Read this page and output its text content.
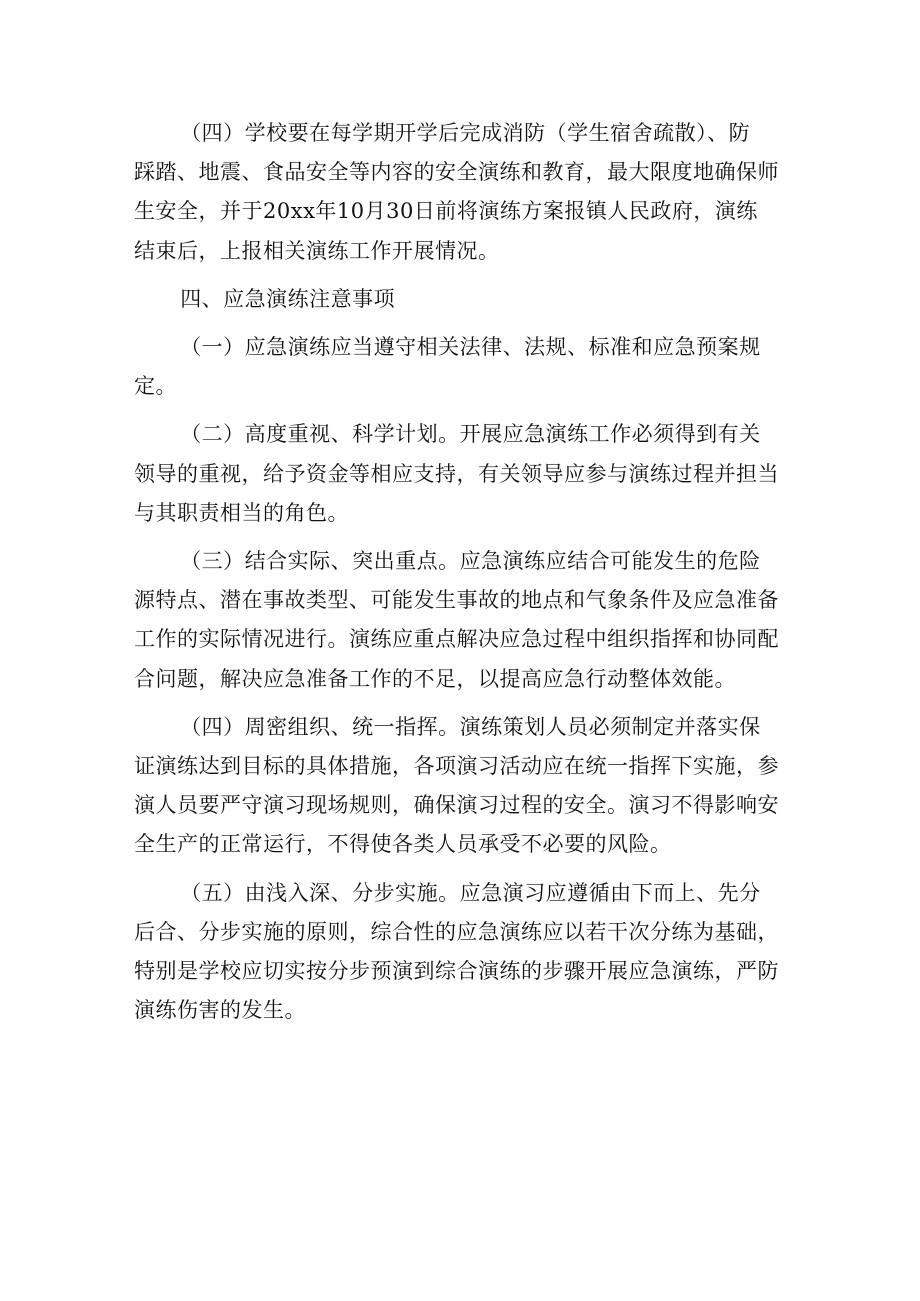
（四）学校要在每学期开学后完成消防（学生宿舍疏散）、防
踩踏、地震、食品安全等内容的安全演练和教育，最大限度地确保师
生安全，并于20xx年10月30日前将演练方案报镇人民政府，演练
结束后，上报相关演练工作开展情况。

四、应急演练注意事项

（一）应急演练应当遵守相关法律、法规、标准和应急预案规
定。

（二）高度重视、科学计划。开展应急演练工作必须得到有关
领导的重视，给予资金等相应支持，有关领导应参与演练过程并担当
与其职责相当的角色。

（三）结合实际、突出重点。应急演练应结合可能发生的危险
源特点、潜在事故类型、可能发生事故的地点和气象条件及应急准备
工作的实际情况进行。演练应重点解决应急过程中组织指挥和协同配
合问题，解决应急准备工作的不足，以提高应急行动整体效能。

（四）周密组织、统一指挥。演练策划人员必须制定并落实保
证演练达到目标的具体措施，各项演习活动应在统一指挥下实施，参
演人员要严守演习现场规则，确保演习过程的安全。演习不得影响安
全生产的正常运行，不得使各类人员承受不必要的风险。

（五）由浅入深、分步实施。应急演习应遵循由下而上、先分
后合、分步实施的原则，综合性的应急演练应以若干次分练为基础，
特别是学校应切实按分步预演到综合演练的步骤开展应急演练，严防
演练伤害的发生。
